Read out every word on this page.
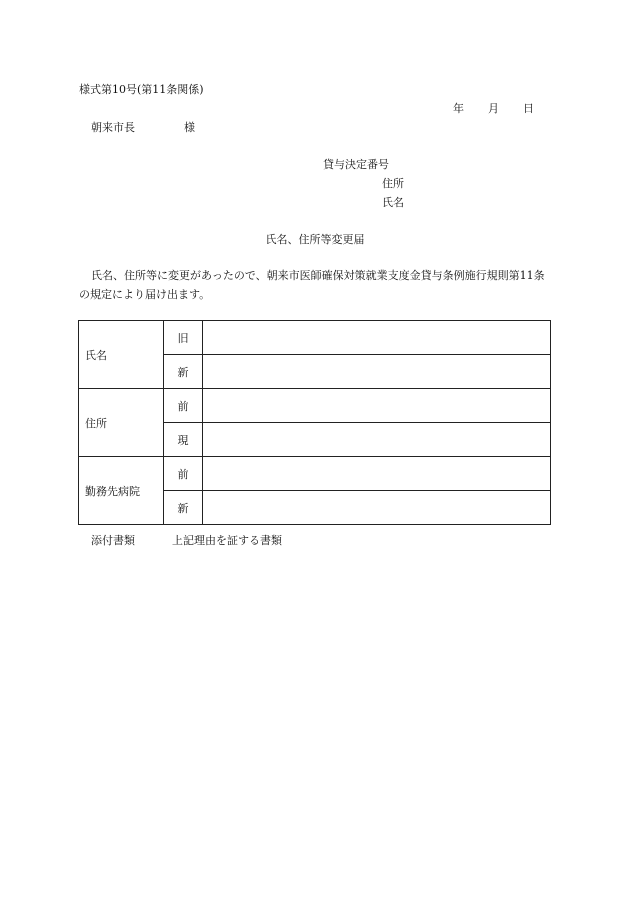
様式第10号(第11条関係)
年 月 日
朝来市長	様
貸与決定番号
住所
氏名
氏名、住所等変更届
氏名、住所等に変更があったので、朝来市医師確保対策就業支度金貸与条例施行規則第11条の規定により届け出ます。
氏名	旧	
	新	
住所	前	
	現	
勤務先病院	前	
	新	
添付書類	上記理由を証する書類
